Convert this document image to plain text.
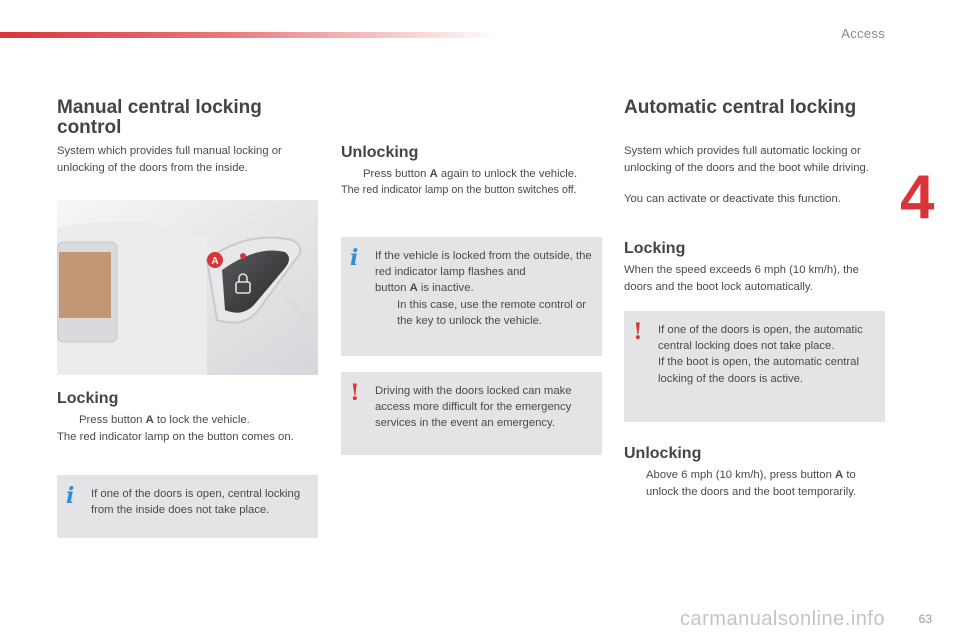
Access
4
Manual central locking
control

System which provides full manual locking or unlocking of the doors from the inside.

A
Locking
Press button A to lock the vehicle.

The red indicator lamp on the button comes on.

i If one of the doors is open, central locking from the inside does not take place.
Unlocking
Press button A again to unlock the vehicle.

The red indicator lamp on the button switches off.

i If the vehicle is locked from the outside, the red indicator lamp flashes and
button A is inactive.
In this case, use the remote control or the key to unlock the vehicle.
! Driving with the doors locked can make access more difficult for the emergency services in the event an emergency.
Automatic central locking

System which provides full automatic locking or unlocking of the doors and the boot while driving.

You can activate or deactivate this function.

Locking

When the speed exceeds 6 mph (10 km/h), the doors and the boot lock automatically.

! If one of the doors is open, the automatic central locking does not take place.
If the boot is open, the automatic central locking of the doors is active.
Unlocking
Above 6 mph (10 km/h), press button A to unlock the doors and the boot temporarily.
carmanualsonline.info	63
